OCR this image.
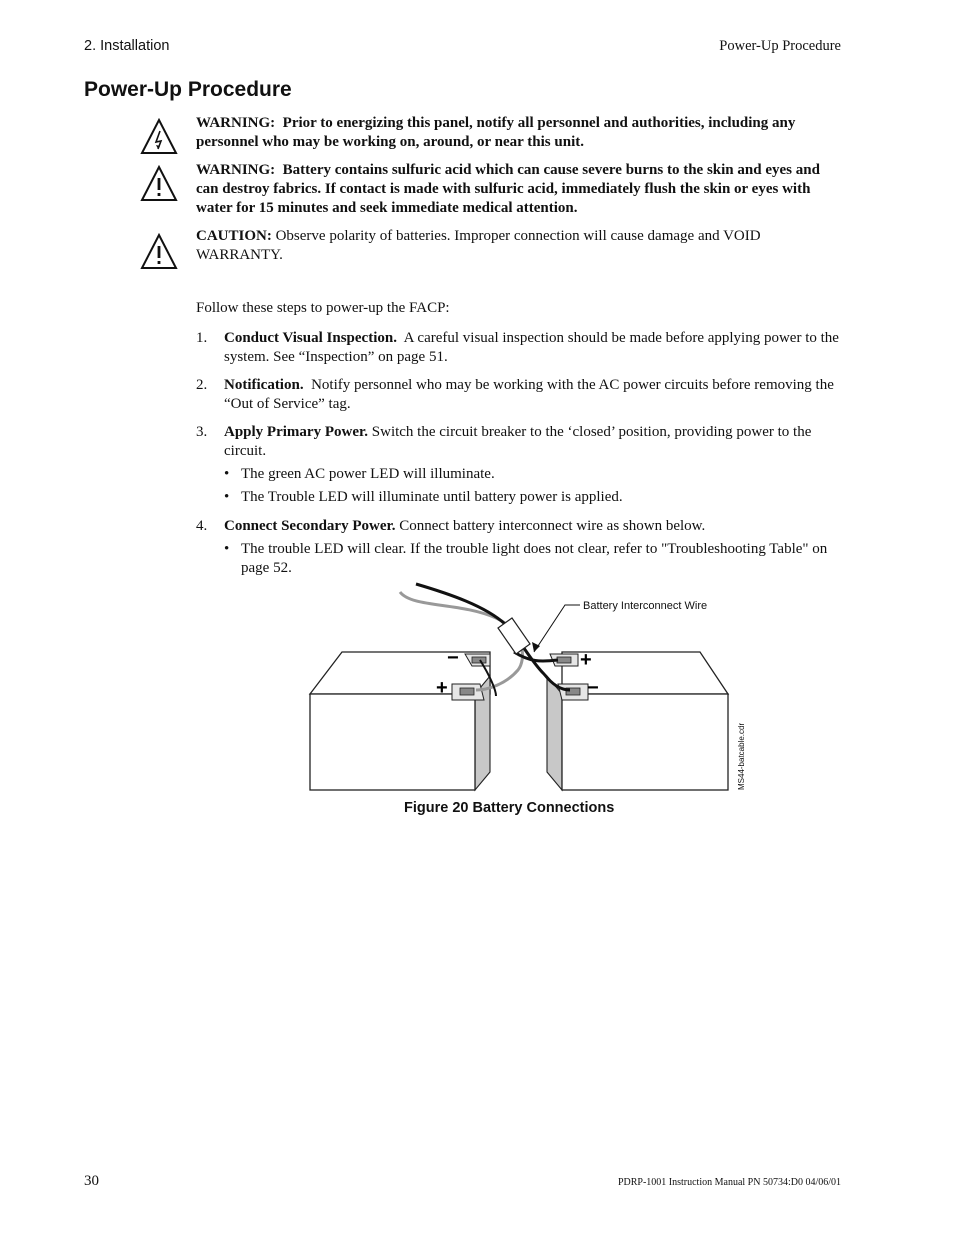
2. Installation	Power-Up Procedure
Power-Up Procedure
WARNING: Prior to energizing this panel, notify all personnel and authorities, including any personnel who may be working on, around, or near this unit.
WARNING: Battery contains sulfuric acid which can cause severe burns to the skin and eyes and can destroy fabrics. If contact is made with sulfuric acid, immediately flush the skin or eyes with water for 15 minutes and seek immediate medical attention.
CAUTION: Observe polarity of batteries. Improper connection will cause damage and VOID WARRANTY.
Follow these steps to power-up the FACP:
1. Conduct Visual Inspection. A careful visual inspection should be made before applying power to the system. See “Inspection” on page 51.
2. Notification. Notify personnel who may be working with the AC power circuits before removing the “Out of Service” tag.
3. Apply Primary Power. Switch the circuit breaker to the ‘closed’ position, providing power to the circuit.
• The green AC power LED will illuminate.
• The Trouble LED will illuminate until battery power is applied.
4. Connect Secondary Power. Connect battery interconnect wire as shown below.
• The trouble LED will clear. If the trouble light does not clear, refer to "Troubleshooting Table" on page 52.
−
+
+
−
Battery Interconnect Wire
MS44-batcable.cdr
Figure 20 Battery Connections
30	PDRP-1001 Instruction Manual PN 50734:D0 04/06/01
